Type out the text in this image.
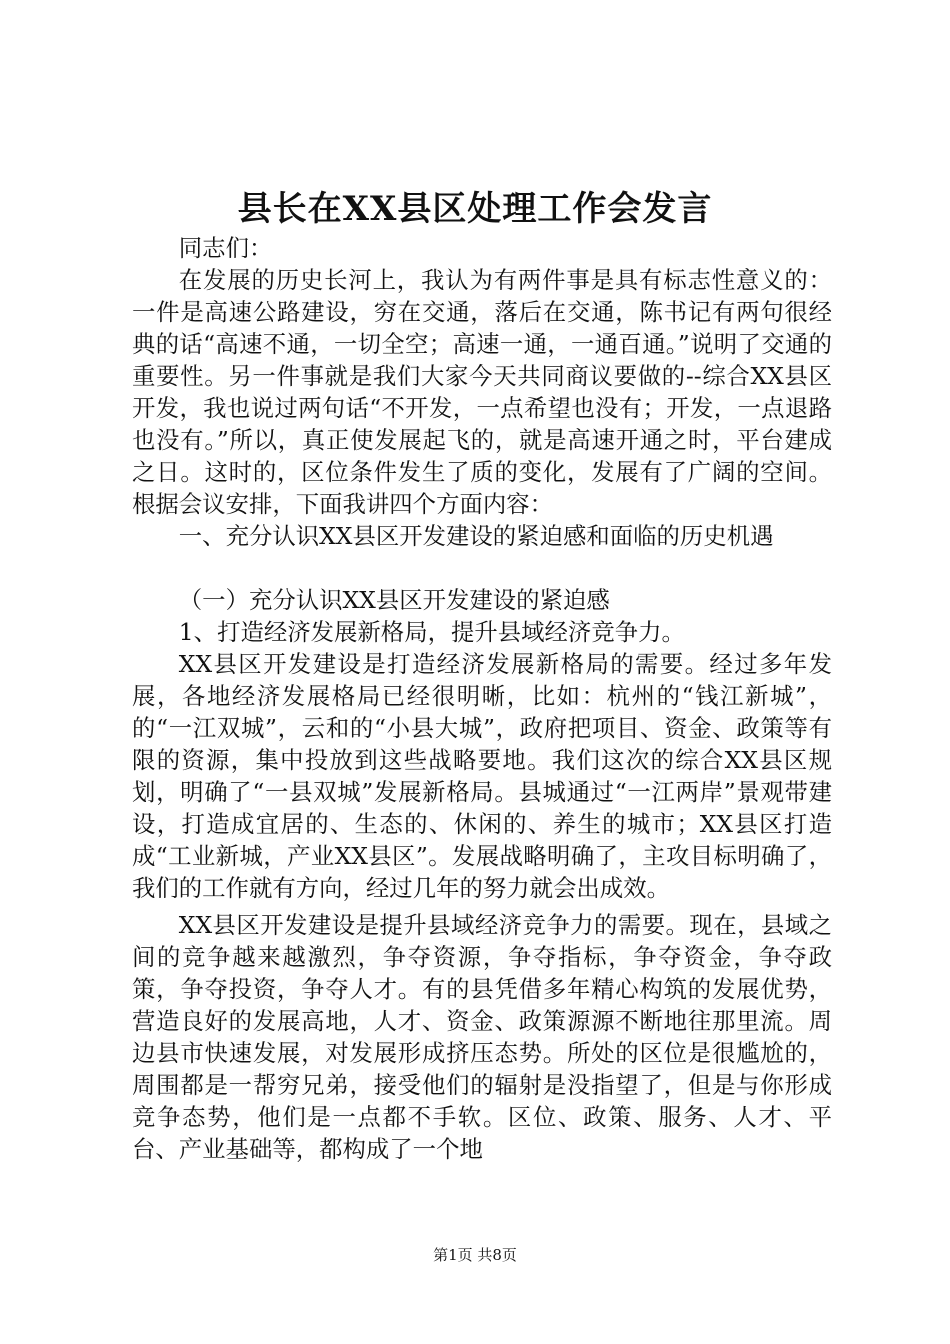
县长在XX县区处理工作会发言

同志们：

在发展的历史长河上，我认为有两件事是具有标志性意义的：一件是高速公路建设，穷在交通，落后在交通，陈书记有两句很经典的话“高速不通，一切全空；高速一通，一通百通。”说明了交通的重要性。另一件事就是我们大家今天共同商议要做的--综合XX县区开发，我也说过两句话“不开发，一点希望也没有；开发，一点退路也没有。”所以，真正使发展起飞的，就是高速开通之时，平台建成之日。这时的，区位条件发生了质的变化，发展有了广阔的空间。根据会议安排，下面我讲四个方面内容：

一、充分认识XX县区开发建设的紧迫感和面临的历史机遇

（一）充分认识XX县区开发建设的紧迫感

1、打造经济发展新格局，提升县域经济竞争力。

XX县区开发建设是打造经济发展新格局的需要。经过多年发展，各地经济发展格局已经很明晰，比如：杭州的“钱江新城”，的“一江双城”，云和的“小县大城”，政府把项目、资金、政策等有限的资源，集中投放到这些战略要地。我们这次的综合XX县区规划，明确了“一县双城”发展新格局。县城通过“一江两岸”景观带建设，打造成宜居的、生态的、休闲的、养生的城市；XX县区打造成“工业新城，产业XX县区”。发展战略明确了，主攻目标明确了，我们的工作就有方向，经过几年的努力就会出成效。

XX县区开发建设是提升县域经济竞争力的需要。现在，县域之间的竞争越来越激烈，争夺资源，争夺指标，争夺资金，争夺政策，争夺投资，争夺人才。有的县凭借多年精心构筑的发展优势，营造良好的发展高地，人才、资金、政策源源不断地往那里流。周边县市快速发展，对发展形成挤压态势。所处的区位是很尴尬的，周围都是一帮穷兄弟，接受他们的辐射是没指望了，但是与你形成竞争态势，他们是一点都不手软。区位、政策、服务、人才、平台、产业基础等，都构成了一个地

第1页 共8页
